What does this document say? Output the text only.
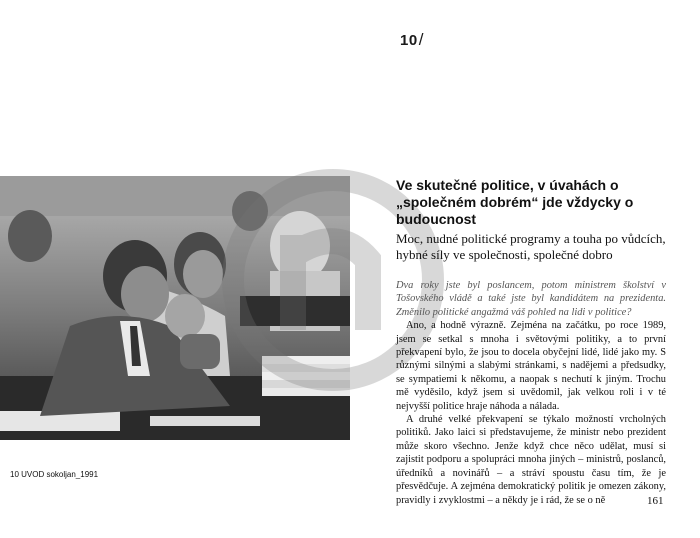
10/
10 UVOD sokoljan_1991
Ve skutečné politice, v úvahách o „společném dobrém“ jde vždycky o budoucnost
Moc, nudné politické programy a touha po vůdcích, hybné síly ve společnosti, společné dobro

Dva roky jste byl poslancem, potom ministrem školství v Tošovského vládě a také jste byl kandidátem na prezidenta. Změnilo politické angažmá váš pohled na lidi v politice?

Ano, a hodně výrazně. Zejména na začátku, po roce 1989, jsem se setkal s mnoha i světovými politiky, a to první překvapení bylo, že jsou to docela obyčejní lidé, lidé jako my. S různými silnými a slabými stránkami, s nadějemi a předsudky, se sympatiemi k někomu, a naopak s nechutí k jiným. Trochu mě vyděsilo, když jsem si uvědomil, jak velkou roli i v té nejvyšší politice hraje náhoda a nálada.

A druhé velké překvapení se týkalo možností vrcholných politiků. Jako laici si představujeme, že ministr nebo prezident může skoro všechno. Jenže když chce něco udělat, musí si zajistit podporu a spolupráci mnoha jiných – ministrů, poslanců, úředníků a novinářů – a stráví spoustu času tím, že je přesvědčuje. A zejména demokratický politik je omezen zákony, pravidly i zvyklostmi – a někdy je i rád, že se o ně	161
